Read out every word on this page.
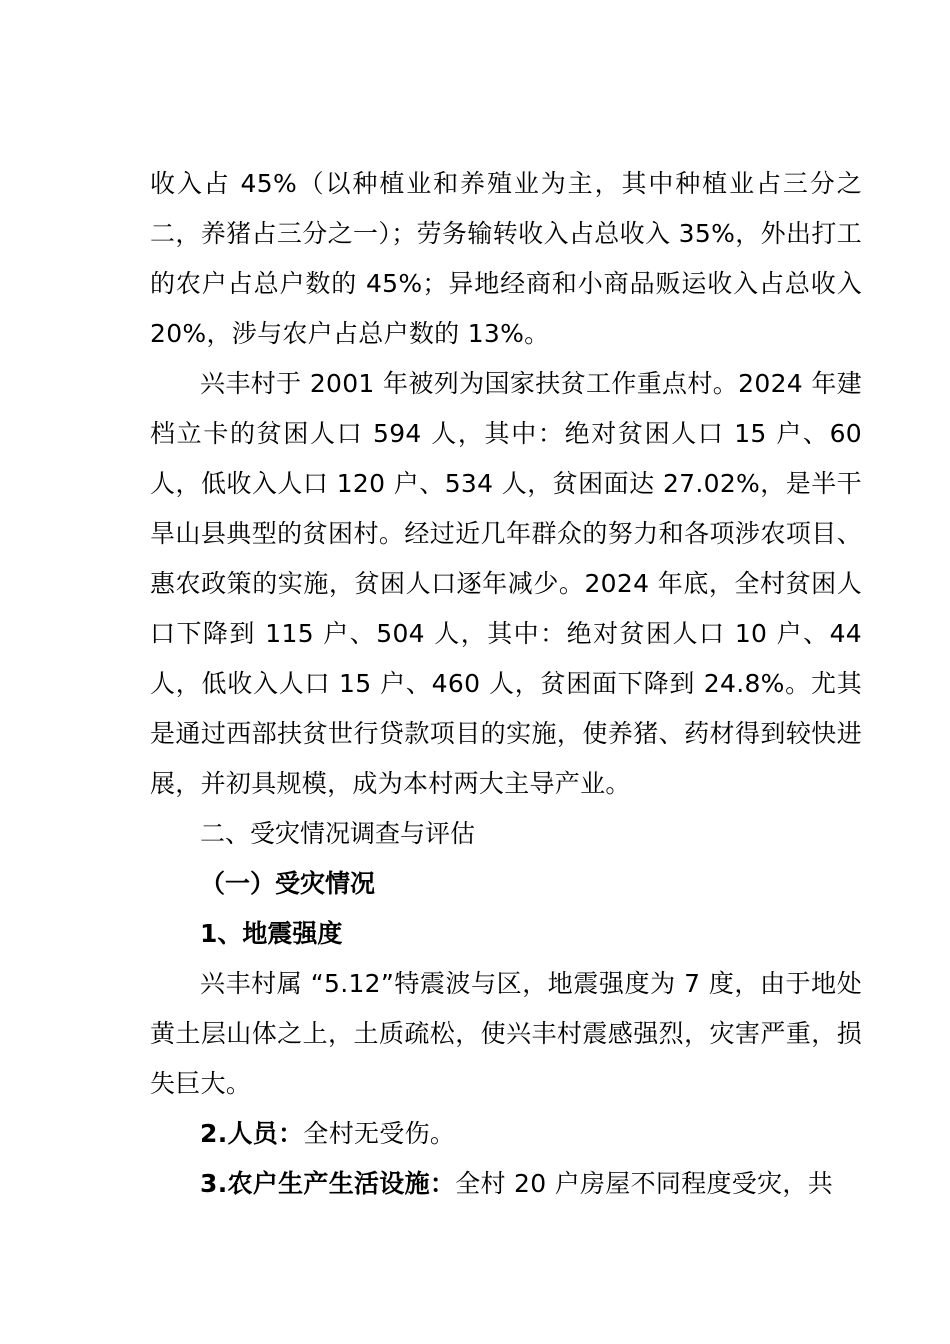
收入占 45%（以种植业和养殖业为主，其中种植业占三分之二，养猪占三分之一）；劳务输转收入占总收入 35%，外出打工的农户占总户数的 45%；异地经商和小商品贩运收入占总收入 20%，涉与农户占总户数的 13%。

兴丰村于 2001 年被列为国家扶贫工作重点村。2024 年建档立卡的贫困人口 594 人，其中：绝对贫困人口 15 户、60 人，低收入人口 120 户、534 人，贫困面达 27.02%，是半干旱山县典型的贫困村。经过近几年群众的努力和各项涉农项目、惠农政策的实施，贫困人口逐年减少。2024 年底，全村贫困人口下降到 115 户、504 人，其中：绝对贫困人口 10 户、44 人，低收入人口 15 户、460 人，贫困面下降到 24.8%。尤其是通过西部扶贫世行贷款项目的实施，使养猪、药材得到较快进展，并初具规模，成为本村两大主导产业。

二、受灾情况调查与评估

（一）受灾情况

1、地震强度

兴丰村属 “5.12”特震波与区，地震强度为 7 度，由于地处黄土层山体之上，土质疏松，使兴丰村震感强烈，灾害严重，损失巨大。

2.人员：全村无受伤。

3.农户生产生活设施：全村 20 户房屋不同程度受灾，共
